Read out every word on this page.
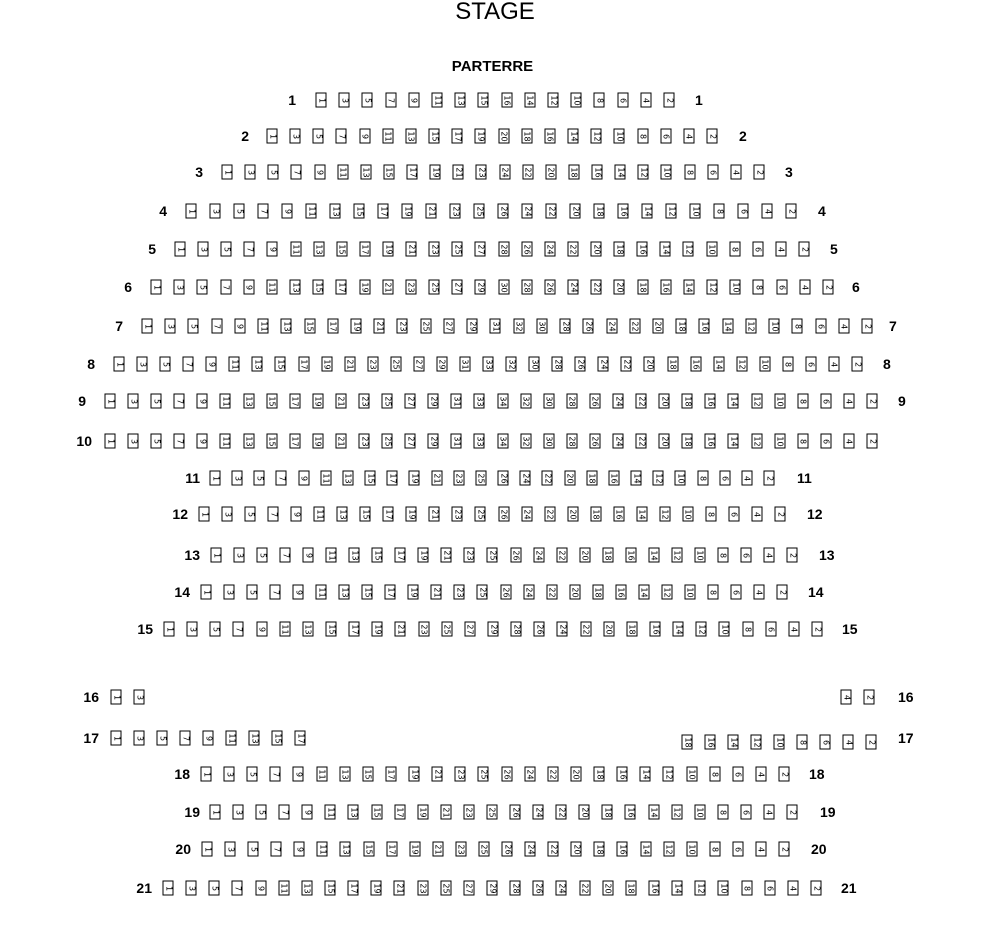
STAGE
PARTERRE
1 3 5 7 9 11 13 15 16 14 12 10 8 6 4 2
1	1
1 3 5 7 9 11 13 15 17 19 20 18 16 14 12 10 8 6 4 2
2	2
1 3 5 7 9 11 13 15 17 19 21 23 24 22 20 18 16 14 12 10 8 6 4 2
3	3
1 3 5 7 9 11 13 15 17 19 21 23 25 26 24 22 20 18 16 14 12 10 8 6 4 2
4	4
1 3 5 7 9 11 13 15 17 19 21 23 25 27 28 26 24 22 20 18 16 14 12 10 8 6 4 2
5	5
1 3 5 7 9 11 13 15 17 19 21 23 25 27 29 30 28 26 24 22 20 18 16 14 12 10 8 6 4 2
6	6
1 3 5 7 9 11 13 15 17 19 21 23 25 27 29 31 32 30 28 26 24 22 20 18 16 14 12 10 8 6 4 2
7	7
1 3 5 7 9 11 13 15 17 19 21 23 25 27 29 31 33 32 30 28 26 24 22 20 18 16 14 12 10 8 6 4 2
8	8
1 3 5 7 9 11 13 15 17 19 21 23 25 27 29 31 33 34 32 30 28 26 24 22 20 18 16 14 12 10 8 6 4 2
9	9
1 3 5 7 9 11 13 15 17 19 21 23 25 27 29 31 33 34 32 30 28 26 24 22 20 18 16 14 12 10 8 6 4 2
10
1 3 5 7 9 11 13 15 17 19 21 23 25 26 24 22 20 18 16 14 12 10 8 6 4 2
11	11
1 3 5 7 9 11 13 15 17 19 21 23 25 26 24 22 20 18 16 14 12 10 8 6 4 2
12	12
1 3 5 7 9 11 13 15 17 19 21 23 25 26 24 22 20 18 16 14 12 10 8 6 4 2
13	13
1 3 5 7 9 11 13 15 17 19 21 23 25 26 24 22 20 18 16 14 12 10 8 6 4 2
14	14
1 3 5 7 9 11 13 15 17 19 21 23 25 27 29 28 26 24 22 20 18 16 14 12 10 8 6 4 2
15	15
1 3	4 2
16	16
1 3 5 7 9 11 13 15 17	18 16 14 12 10 8 6 4 2
17	17
1 3 5 7 9 11 13 15 17 19 21 23 25 26 24 22 20 18 16 14 12 10 8 6 4 2
18	18
1 3 5 7 9 11 13 15 17 19 21 23 25 26 24 22 20 18 16 14 12 10 8 6 4 2
19	19
1 3 5 7 9 11 13 15 17 19 21 23 25 26 24 22 20 18 16 14 12 10 8 6 4 2
20	20
1 3 5 7 9 11 13 15 17 19 21 23 25 27 29 28 26 24 22 20 18 16 14 12 10 8 6 4 2
21	21
